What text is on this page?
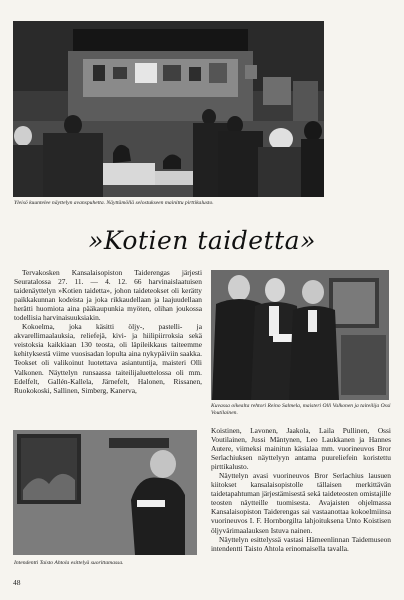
Yleisö kuuntelee näyttelyn avanspuhetta. Näyttämöllä selostukseen mainittu pirttikalusto.
»Kotien taidetta»

Tervakosken Kansalaisopiston Taiderengas järjesti Seuratalossa 27. 11. — 4. 12. 66 harvinaislaatuisen taidenäyttelyn »Kotien taidetta», johon taideteokset oli kerätty paikkakunnan kodeista ja joka rikkaudellaan ja laajuudellaan herätti huomiota aina pääkaupunkia myöten, olihan joukossa todellisia harvinaisuuksiakin.

Kokoelma, joka käsitti öljy-, pastelli- ja akvarellimaalauksia, reliefejä, kivi- ja hiilipiirroksia sekä veistoksia kaikkiaan 130 teosta, oli läpileikkaus taiteemme kehityksestä viime vuosisadan lopulta aina nykypäiviin saakka. Teokset oli valikoinut luotettava asiantuntija, maisteri Olli Valkonen. Näyttelyn runsaassa taiteilijaluettelossa oli mm. Edelfelt, Gallén-Kallela, Järnefelt, Halonen, Rissanen, Ruokokoski, Sallinen, Simberg, Kanerva,

Kuvassa oikealta rehtori Reino Salmela, maisteri Olli Valkonen ja taiteilija Ossi Voutilainen.
Intendentti Taisto Ahtola esittelyä suorittamassa.

Koistinen, Lavonen, Jaakola, Laila Pullinen, Ossi Voutilainen, Jussi Mäntynen, Leo Laukkanen ja Hannes Autere, viimeksi mainitun käsialaa mm. vuorineuvos Bror Serlachiuksen näyttelyyn antama puureliefein koristettu pirttikalusto.

Näyttelyn avasi vuorineuvos Bror Serlachius lausuen kiitokset kansalaisopistolle tällaisen merkittävän taidetapahtuman järjestämisestä sekä taideteosten omistajille teosten näytteille tuomisesta. Avajaisten ohjelmassa Kansalaisopiston Taiderengas sai vastaanottaa kokoelmiinsa vuorineuvos I. F. Hornborgilta lahjoituksena Unto Koistisen öljyvärimaalauksen Istuva nainen.

Näyttelyn esittelyssä vastasi Hämeenlinnan Taidemuseon intendentti Taisto Ahtola erinomaisella tavalla.

48
